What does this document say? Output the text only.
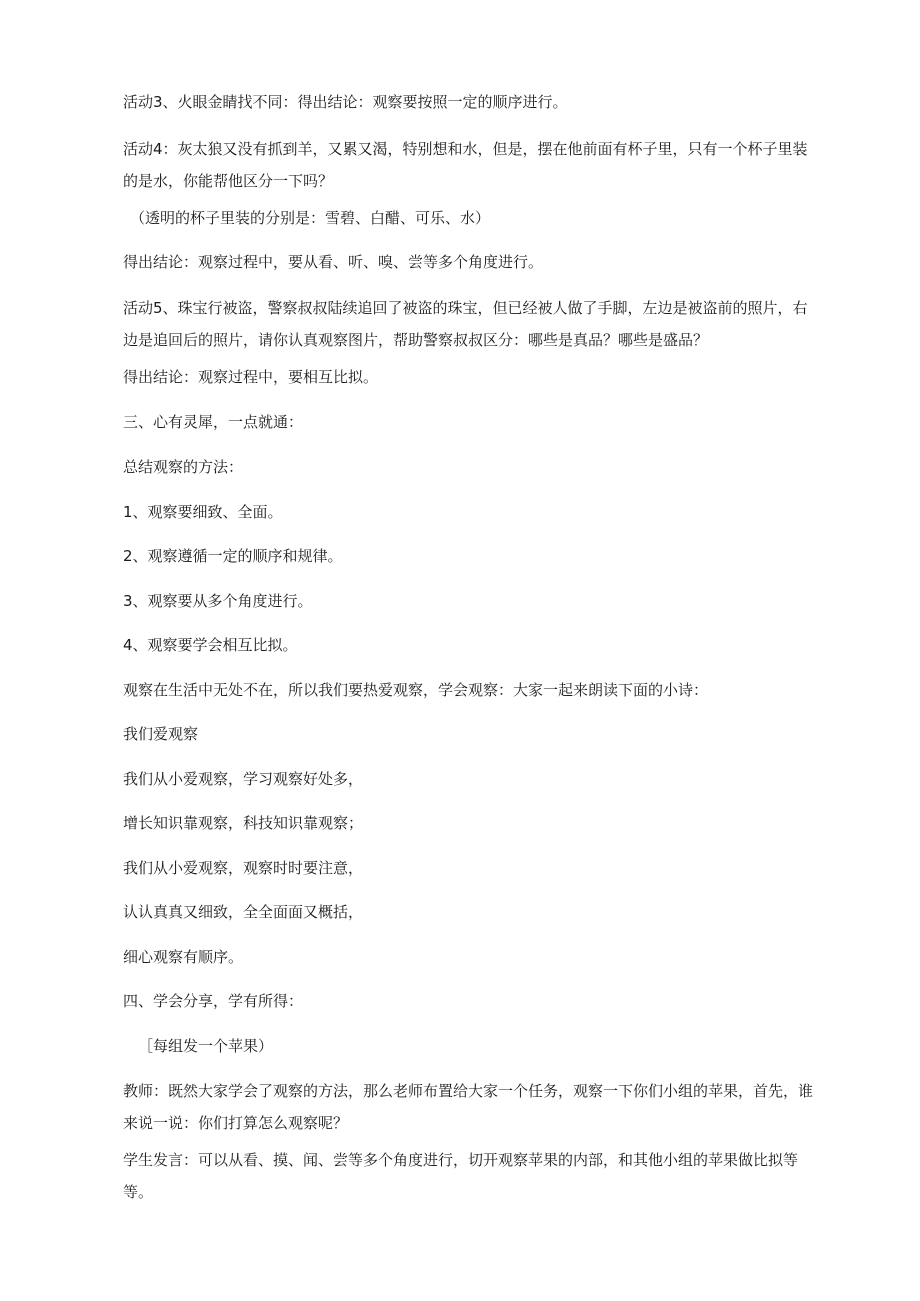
活动3、火眼金睛找不同：得出结论：观察要按照一定的顺序进行。

活动4：灰太狼又没有抓到羊，又累又渴，特别想和水，但是，摆在他前面有杯子里，只有一个杯子里装的是水，你能帮他区分一下吗？

（透明的杯子里装的分别是：雪碧、白醋、可乐、水）

得出结论：观察过程中，要从看、听、嗅、尝等多个角度进行。

活动5、珠宝行被盗，警察叔叔陆续追回了被盗的珠宝，但已经被人做了手脚，左边是被盗前的照片，右边是追回后的照片，请你认真观察图片，帮助警察叔叔区分：哪些是真品？哪些是盛品？

得出结论：观察过程中，要相互比拟。

三、心有灵犀，一点就通：

总结观察的方法：

1、观察要细致、全面。

2、观察遵循一定的顺序和规律。

3、观察要从多个角度进行。

4、观察要学会相互比拟。

观察在生活中无处不在，所以我们要热爱观察，学会观察：大家一起来朗读下面的小诗：

我们爱观察

我们从小爱观察，学习观察好处多，

增长知识靠观察，科技知识靠观察；

我们从小爱观察，观察时时要注意，

认认真真又细致，全全面面又概括，

细心观察有顺序。

四、学会分享，学有所得：

［每组发一个苹果）

教师：既然大家学会了观察的方法，那么老师布置给大家一个任务，观察一下你们小组的苹果，首先，谁来说一说：你们打算怎么观察呢？

学生发言：可以从看、摸、闻、尝等多个角度进行，切开观察苹果的内部，和其他小组的苹果做比拟等等。
